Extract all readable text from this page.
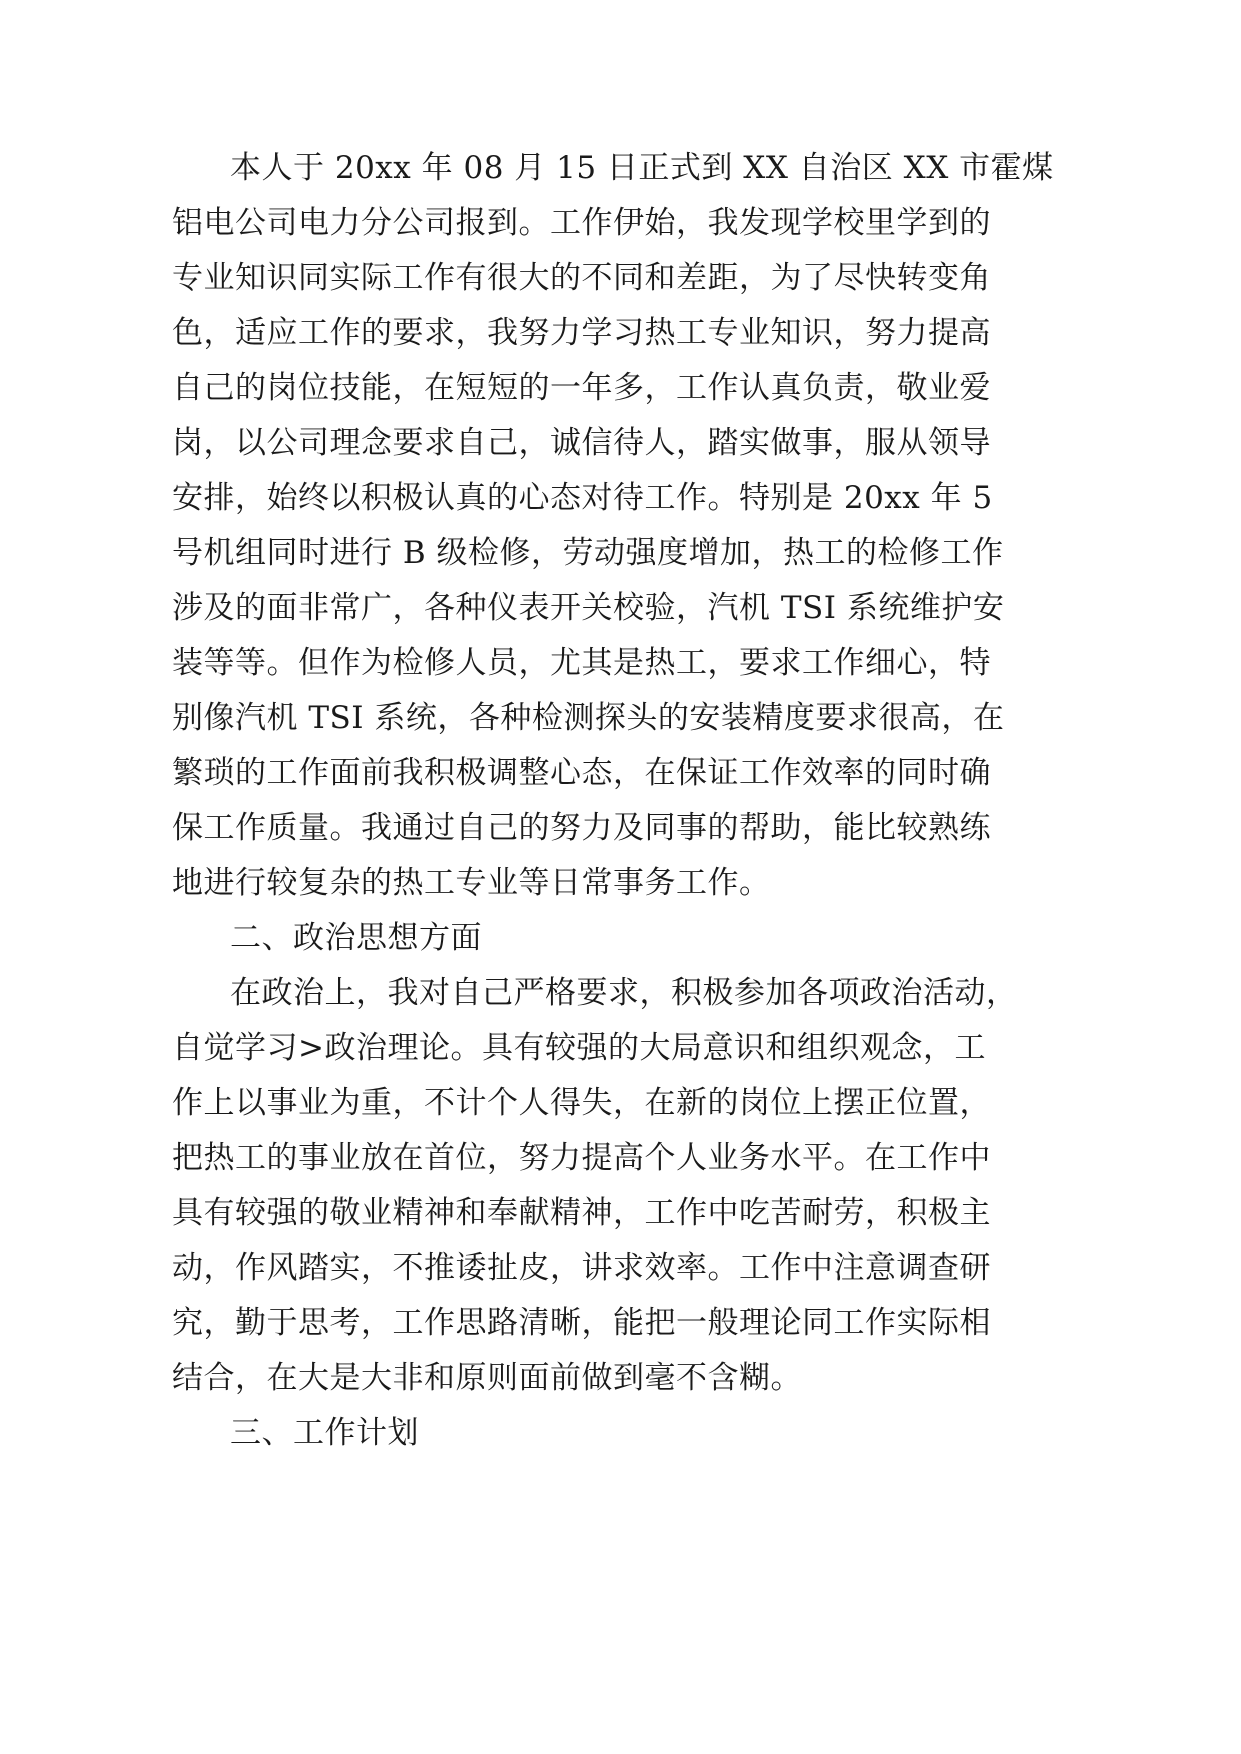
本人于 20xx 年 08 月 15 日正式到 XX 自治区 XX 市霍煤
铝电公司电力分公司报到。工作伊始，我发现学校里学到的
专业知识同实际工作有很大的不同和差距，为了尽快转变角
色，适应工作的要求，我努力学习热工专业知识，努力提高
自己的岗位技能，在短短的一年多，工作认真负责，敬业爱
岗，以公司理念要求自己，诚信待人，踏实做事，服从领导
安排，始终以积极认真的心态对待工作。特别是 20xx 年 5
号机组同时进行 B 级检修，劳动强度增加，热工的检修工作
涉及的面非常广，各种仪表开关校验，汽机 TSI 系统维护安
装等等。但作为检修人员，尤其是热工，要求工作细心，特
别像汽机 TSI 系统，各种检测探头的安装精度要求很高，在
繁琐的工作面前我积极调整心态，在保证工作效率的同时确
保工作质量。我通过自己的努力及同事的帮助，能比较熟练
地进行较复杂的热工专业等日常事务工作。
二、政治思想方面
在政治上，我对自己严格要求，积极参加各项政治活动，
自觉学习>政治理论。具有较强的大局意识和组织观念，工
作上以事业为重，不计个人得失，在新的岗位上摆正位置，
把热工的事业放在首位，努力提高个人业务水平。在工作中
具有较强的敬业精神和奉献精神，工作中吃苦耐劳，积极主
动，作风踏实，不推诿扯皮，讲求效率。工作中注意调查研
究，勤于思考，工作思路清晰，能把一般理论同工作实际相
结合，在大是大非和原则面前做到毫不含糊。
三、工作计划
